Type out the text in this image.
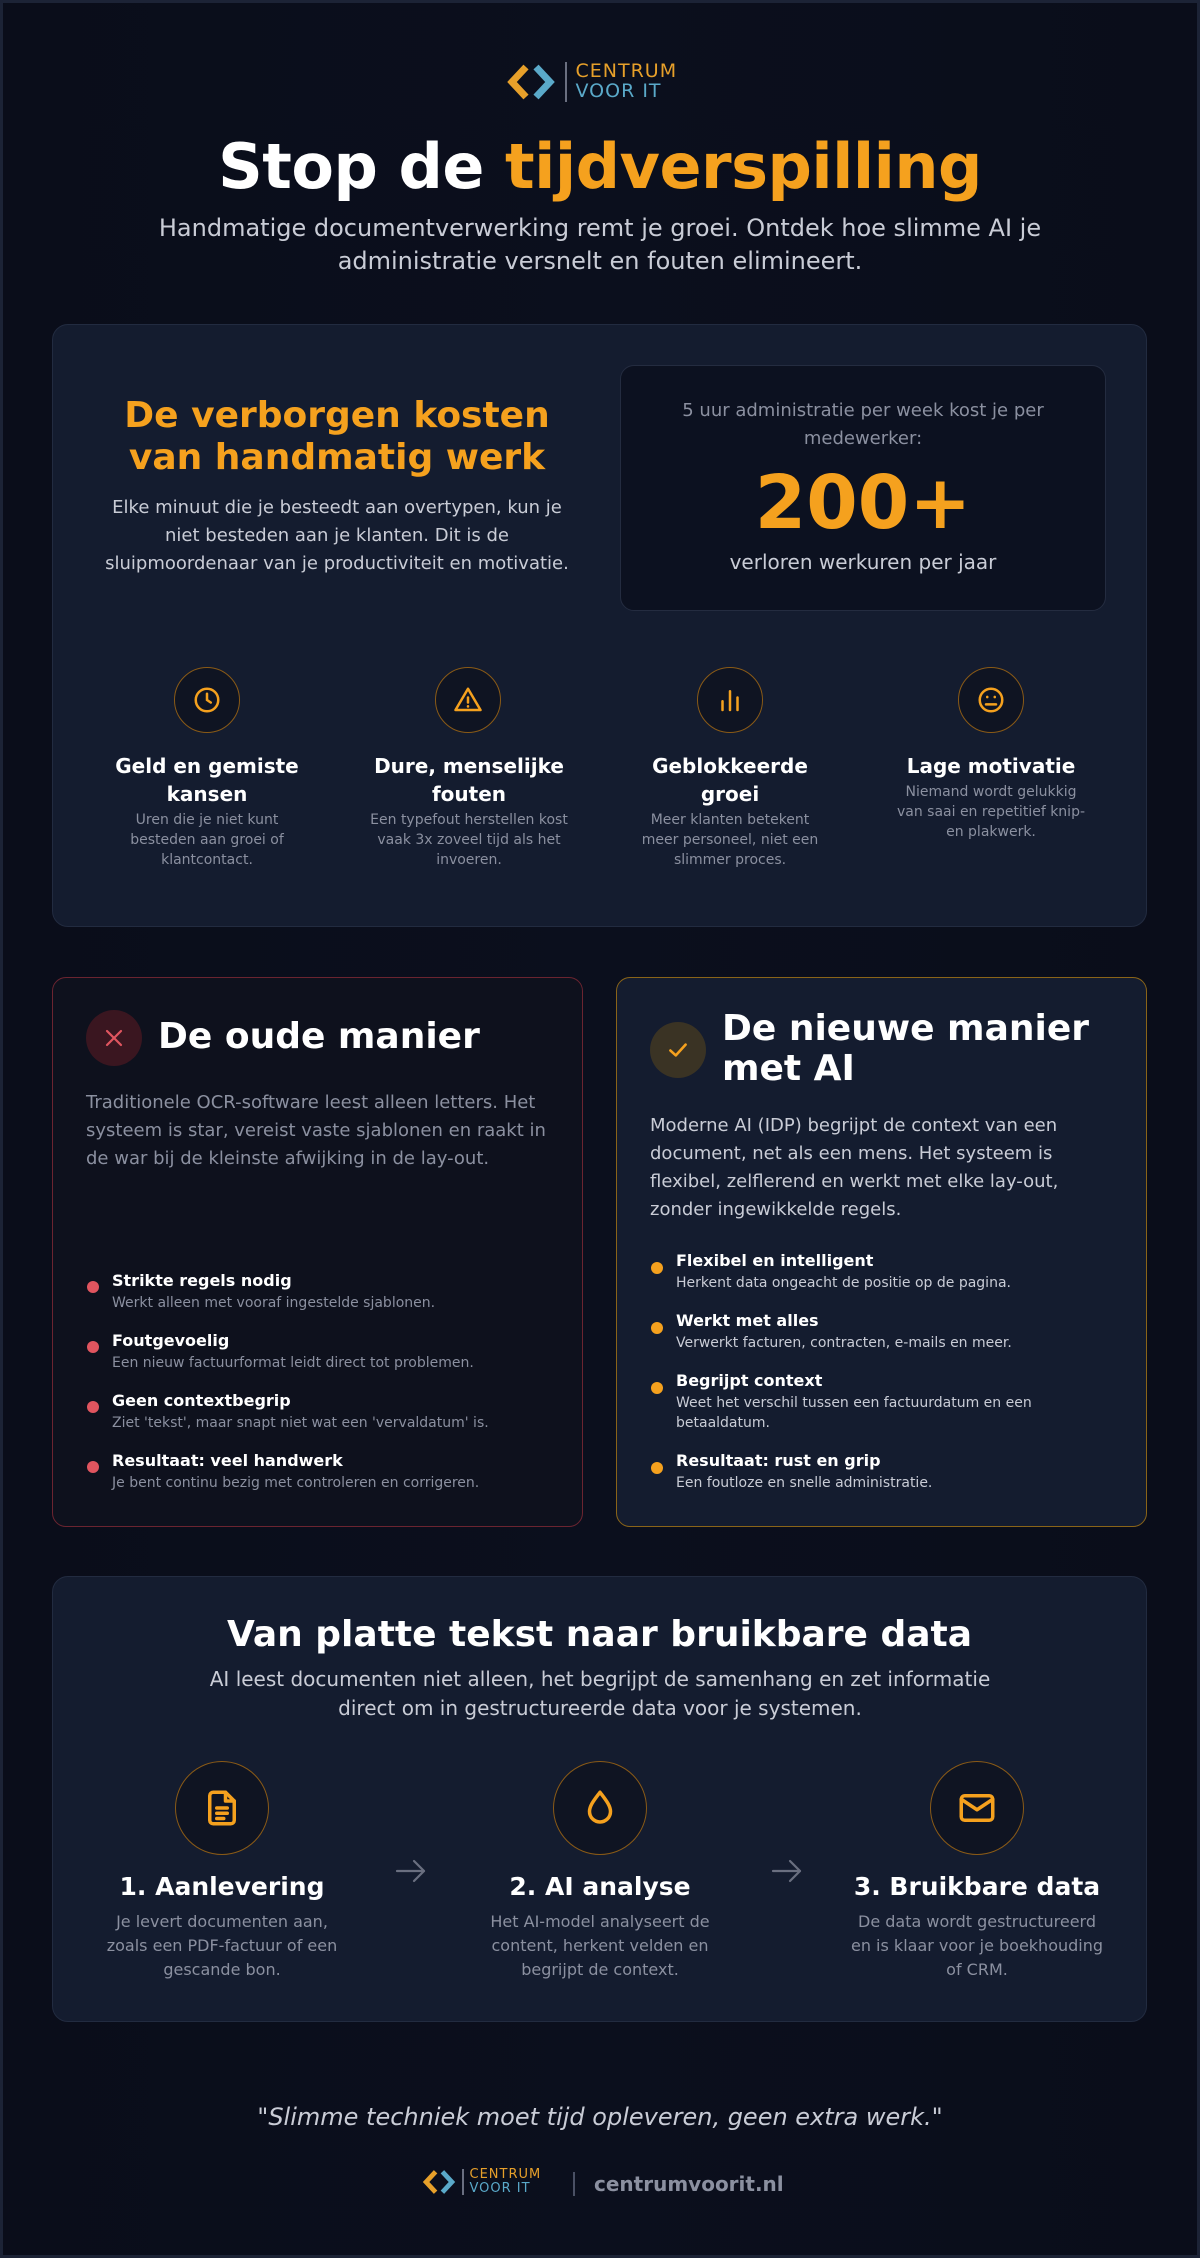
CENTRUM
VOOR IT
Stop de tijdverspilling
Handmatige documentverwerking remt je groei. Ontdek hoe slimme AI je administratie versnelt en fouten elimineert.
De verborgen kosten van handmatig werk
Elke minuut die je besteedt aan overtypen, kun je niet besteden aan je klanten. Dit is de sluipmoordenaar van je productiviteit en motivatie.
5 uur administratie per week kost je per medewerker:
200+
verloren werkuren per jaar
Geld en gemiste kansen
Uren die je niet kunt besteden aan groei of klantcontact.
Dure, menselijke fouten
Een typefout herstellen kost vaak 3x zoveel tijd als het invoeren.
Geblokkeerde groei
Meer klanten betekent meer personeel, niet een slimmer proces.
Lage motivatie
Niemand wordt gelukkig van saai en repetitief knip- en plakwerk.
De oude manier
Traditionele OCR-software leest alleen letters. Het systeem is star, vereist vaste sjablonen en raakt in de war bij de kleinste afwijking in de lay-out.
Strikte regels nodig
Werkt alleen met vooraf ingestelde sjablonen.
Foutgevoelig
Een nieuw factuurformat leidt direct tot problemen.
Geen contextbegrip
Ziet 'tekst', maar snapt niet wat een 'vervaldatum' is.
Resultaat: veel handwerk
Je bent continu bezig met controleren en corrigeren.
De nieuwe manier
met AI
Moderne AI (IDP) begrijpt de context van een document, net als een mens. Het systeem is flexibel, zelflerend en werkt met elke lay-out, zonder ingewikkelde regels.
Flexibel en intelligent
Herkent data ongeacht de positie op de pagina.
Werkt met alles
Verwerkt facturen, contracten, e-mails en meer.
Begrijpt context
Weet het verschil tussen een factuurdatum en een
betaaldatum.
Resultaat: rust en grip
Een foutloze en snelle administratie.
Van platte tekst naar bruikbare data
AI leest documenten niet alleen, het begrijpt de samenhang en zet informatie direct om in gestructureerde data voor je systemen.
1. Aanlevering
Je levert documenten aan, zoals een PDF-factuur of een gescande bon.
2. AI analyse
Het AI-model analyseert de content, herkent velden en begrijpt de context.
3. Bruikbare data
De data wordt gestructureerd en is klaar voor je boekhouding of CRM.
"Slimme techniek moet tijd opleveren, geen extra werk."
CENTRUM
VOOR IT	centrumvoorit.nl
